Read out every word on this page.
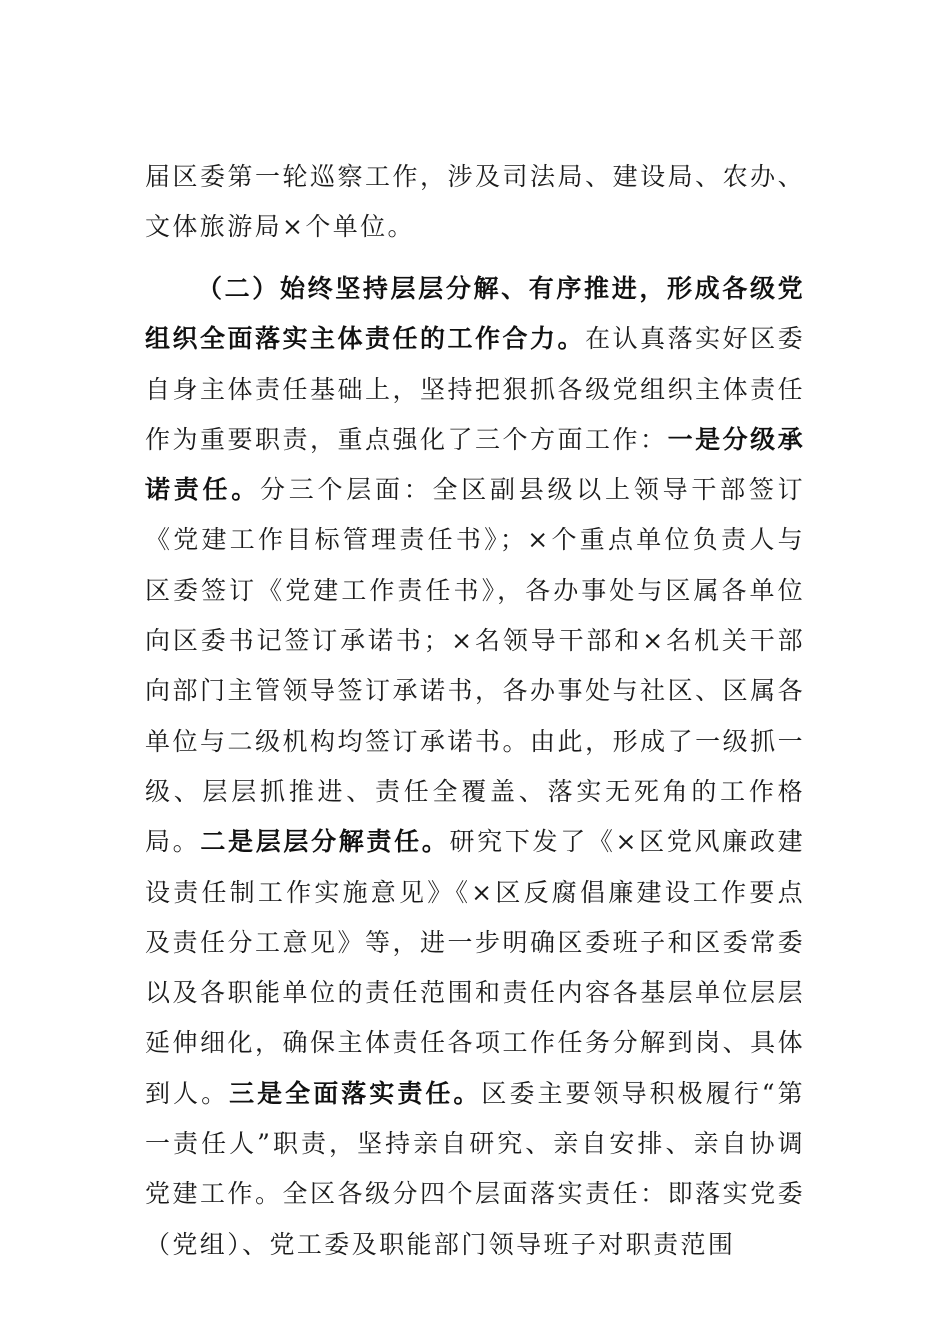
届区委第一轮巡察工作，涉及司法局、建设局、农办、文体旅游局×个单位。

（二）始终坚持层层分解、有序推进，形成各级党组织全面落实主体责任的工作合力。在认真落实好区委自身主体责任基础上，坚持把狠抓各级党组织主体责任作为重要职责，重点强化了三个方面工作：一是分级承诺责任。分三个层面：全区副县级以上领导干部签订《党建工作目标管理责任书》；×个重点单位负责人与区委签订《党建工作责任书》，各办事处与区属各单位向区委书记签订承诺书；×名领导干部和×名机关干部向部门主管领导签订承诺书，各办事处与社区、区属各单位与二级机构均签订承诺书。由此，形成了一级抓一级、层层抓推进、责任全覆盖、落实无死角的工作格局。二是层层分解责任。研究下发了《×区党风廉政建设责任制工作实施意见》《×区反腐倡廉建设工作要点及责任分工意见》等，进一步明确区委班子和区委常委以及各职能单位的责任范围和责任内容各基层单位层层延伸细化，确保主体责任各项工作任务分解到岗、具体到人。三是全面落实责任。区委主要领导积极履行“第一责任人”职责，坚持亲自研究、亲自安排、亲自协调党建工作。全区各级分四个层面落实责任：即落实党委（党组）、党工委及职能部门领导班子对职责范围
